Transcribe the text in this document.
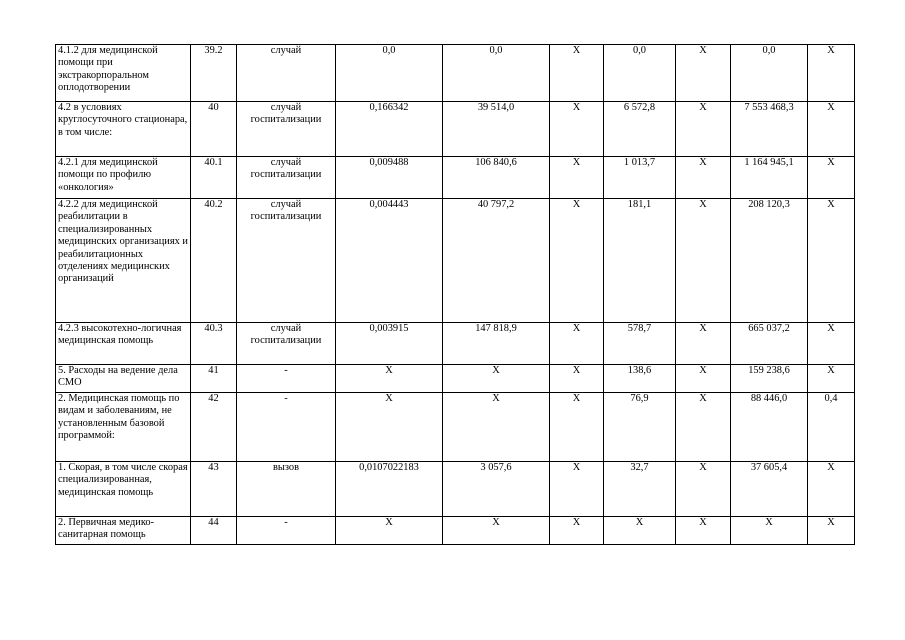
4.1.2 для медицинской помощи при экстракорпоральном оплодотворении	39.2	случай	0,0	0,0	X	0,0	X	0,0	X
4.2 в условиях круглосуточного стационара, в том числе:	40	случай госпитализации	0,166342	39 514,0	X	6 572,8	X	7 553 468,3	X
4.2.1 для медицинской помощи по профилю «онкология»	40.1	случай госпитализации	0,009488	106 840,6	X	1 013,7	X	1 164 945,1	X
4.2.2 для медицинской реабилитации в специализированных медицинских организациях и реабилитационных отделениях медицинских организаций	40.2	случай госпитализации	0,004443	40 797,2	X	181,1	X	208 120,3	X
4.2.3 высокотехно-логичная медицинская помощь	40.3	случай госпитализации	0,003915	147 818,9	X	578,7	X	665 037,2	X
5. Расходы на ведение дела СМО	41	-	X	X	X	138,6	X	159 238,6	X
2. Медицинская помощь по видам и заболеваниям, не установленным базовой программой:	42	-	X	X	X	76,9	X	88 446,0	0,4
1. Скорая, в том числе скорая специализированная, медицинская помощь	43	вызов	0,0107022183	3 057,6	X	32,7	X	37 605,4	X
2. Первичная медико-санитарная помощь	44	-	X	X	X	X	X	X	X
